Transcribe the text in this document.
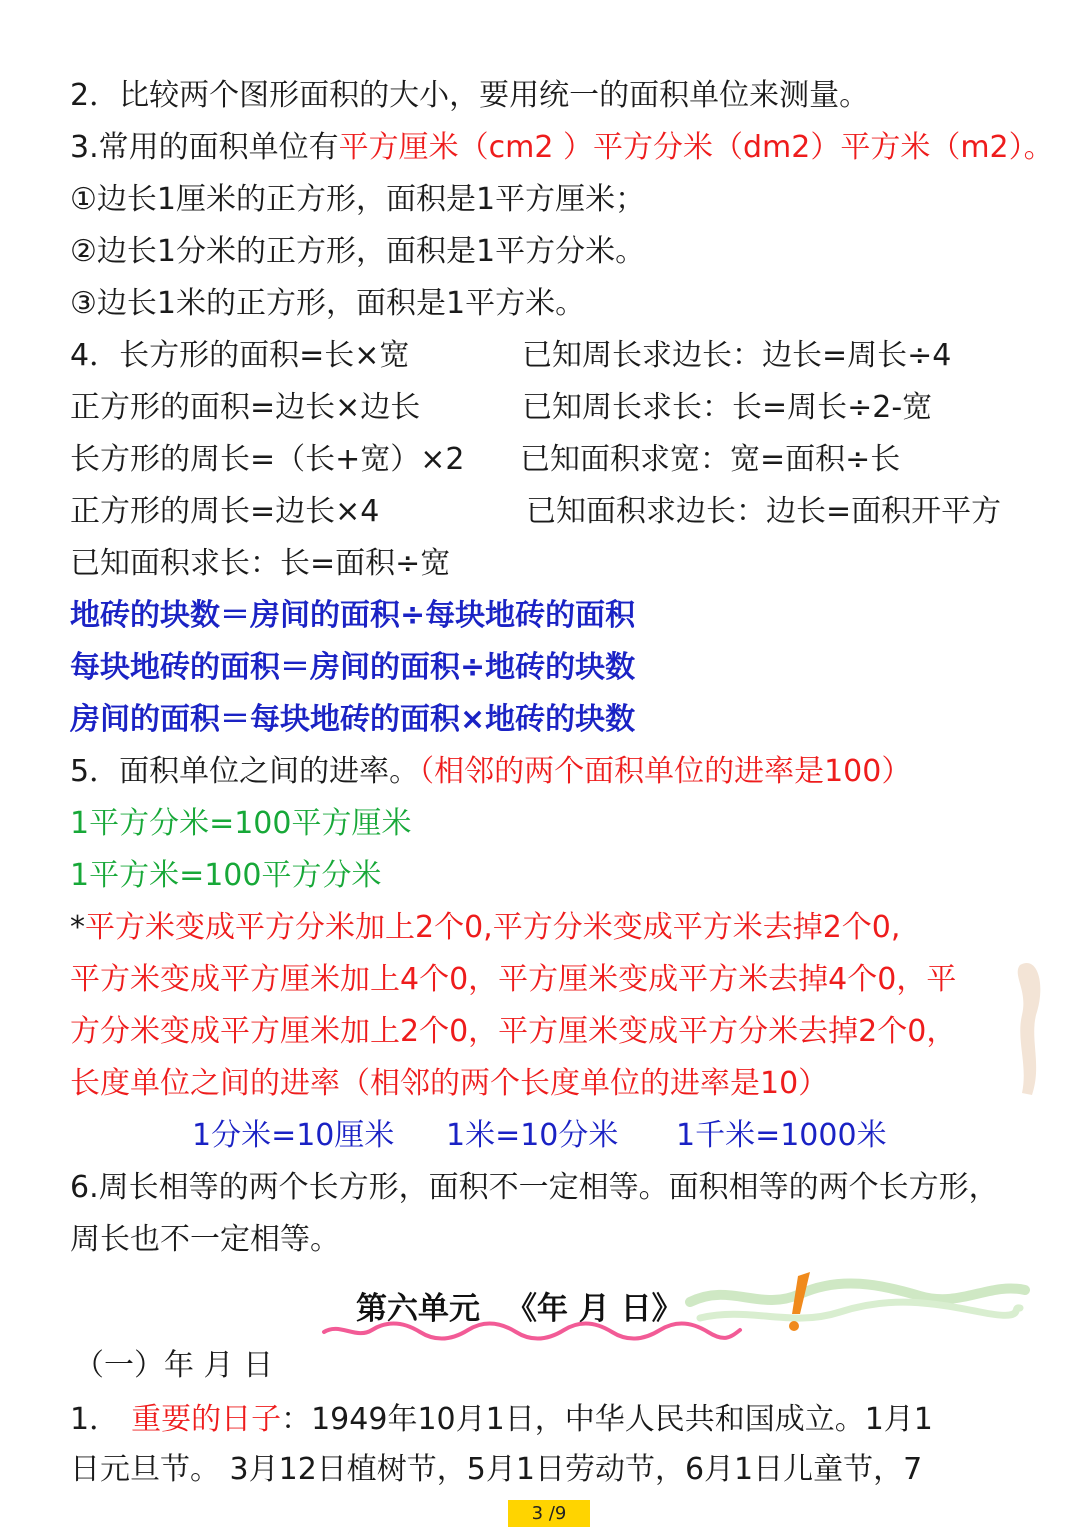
2．比较两个图形面积的大小，要用统一的面积单位来测量。
3.常用的面积单位有平方厘米（cm2 ）平方分米（dm2）平方米（m2）。
①边长1厘米的正方形，面积是1平方厘米；
②边长1分米的正方形，面积是1平方分米。
③边长1米的正方形，面积是1平方米。
4．长方形的面积=长×宽	已知周长求边长：边长=周长÷4
正方形的面积=边长×边长	已知周长求长：长=周长÷2-宽
长方形的周长=（长+宽）×2 已知面积求宽：宽=面积÷长
正方形的周长=边长×4	已知面积求边长：边长=面积开平方
已知面积求长：长=面积÷宽
地砖的块数＝房间的面积÷每块地砖的面积
每块地砖的面积＝房间的面积÷地砖的块数
房间的面积＝每块地砖的面积×地砖的块数
5．面积单位之间的进率。（相邻的两个面积单位的进率是100）
1平方分米=100平方厘米
1平方米=100平方分米
*平方米变成平方分米加上2个0,平方分米变成平方米去掉2个0,
平方米变成平方厘米加上4个0，平方厘米变成平方米去掉4个0，平
方分米变成平方厘米加上2个0，平方厘米变成平方分米去掉2个0，
长度单位之间的进率（相邻的两个长度单位的进率是10）
1分米=10厘米 1米=10分米 1千米=1000米
6.周长相等的两个长方形，面积不一定相等。面积相等的两个长方形，
周长也不一定相等。
第六单元 《年 月 日》
（一）年 月 日
1． 重要的日子：1949年10月1日，中华人民共和国成立。1月1
日元旦节。 3月12日植树节，5月1日劳动节，6月1日儿童节，7
3 /9
